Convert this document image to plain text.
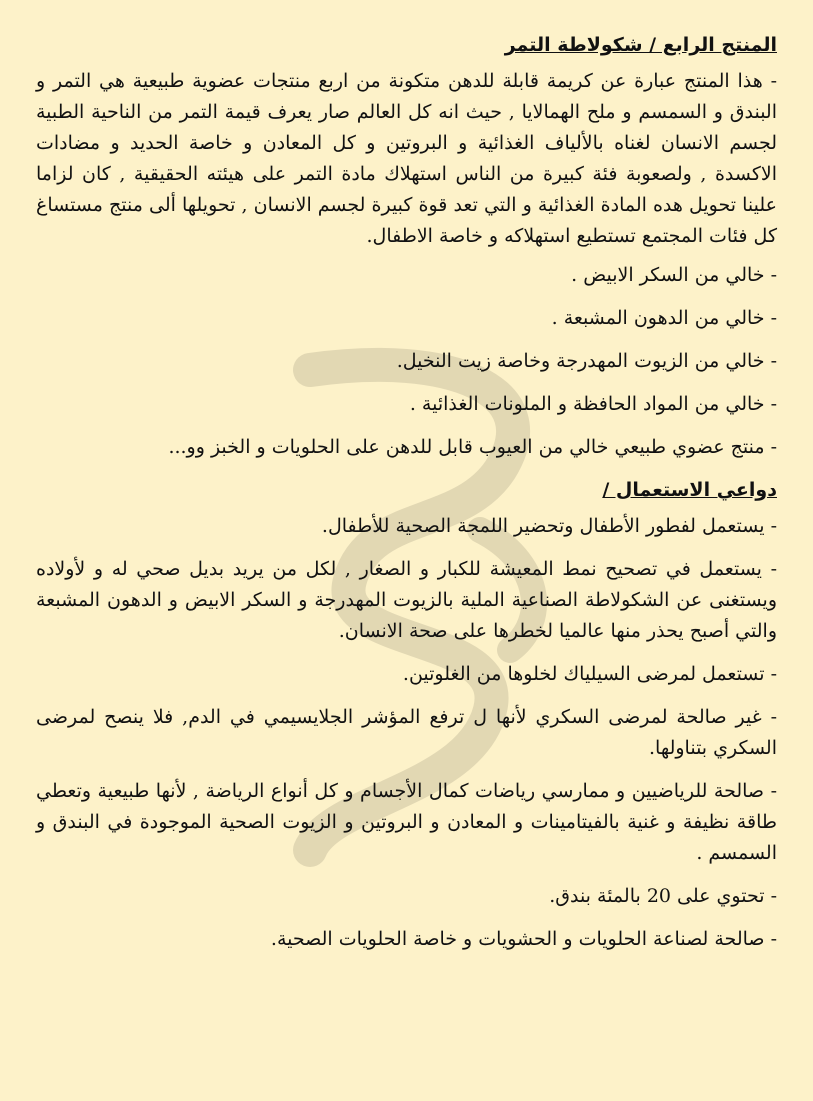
المنتج الرابع / شكولاطة التمر

- هذا المنتج عبارة عن كريمة قابلة للدهن متكونة من اربع منتجات عضوية طبيعية هي التمر و البندق و السمسم و ملح الهمالايا , حيث انه كل العالم صار يعرف قيمة التمر من الناحية الطبية لجسم الانسان لغناه بالألياف الغذائية و البروتين و كل المعادن و خاصة الحديد و مضادات الاكسدة , ولصعوبة فئة كبيرة من الناس استهلاك مادة التمر على هيئته الحقيقية , كان لزاما علينا تحويل هده المادة الغذائية و التي تعد قوة كبيرة لجسم الانسان , تحويلها ألى منتج مستساغ كل فئات المجتمع تستطيع استهلاكه و خاصة الاطفال.

- خالي من السكر الابيض .

- خالي من الدهون المشبعة .

- خالي من الزيوت المهدرجة وخاصة زيت النخيل.

- خالي من المواد الحافظة و الملونات الغذائية .

- منتج عضوي طبيعي خالي من العيوب قابل للدهن على الحلويات و الخبز وو...

دواعي الاستعمال /

- يستعمل لفطور الأطفال وتحضير اللمجة الصحية للأطفال.

- يستعمل في تصحيح نمط المعيشة للكبار و الصغار , لكل من يريد بديل صحي له و لأولاده ويستغنى عن الشكولاطة الصناعية الملية بالزيوت المهدرجة و السكر الابيض و الدهون المشبعة والتي أصبح يحذر منها عالميا لخطرها على صحة الانسان.

- تستعمل لمرضى السيلياك لخلوها من الغلوتين.

- غير صالحة لمرضى السكري لأنها ل ترفع المؤشر الجلايسيمي في الدم, فلا ينصح لمرضى السكري بتناولها.

- صالحة للرياضيين و ممارسي رياضات كمال الأجسام و كل أنواع الرياضة , لأنها طبيعية وتعطي طاقة نظيفة و غنية بالفيتامينات و المعادن و البروتين و الزيوت الصحية الموجودة في البندق و السمسم .

- تحتوي على 20 بالمئة بندق.

- صالحة لصناعة الحلويات و الحشويات و خاصة الحلويات الصحية.
